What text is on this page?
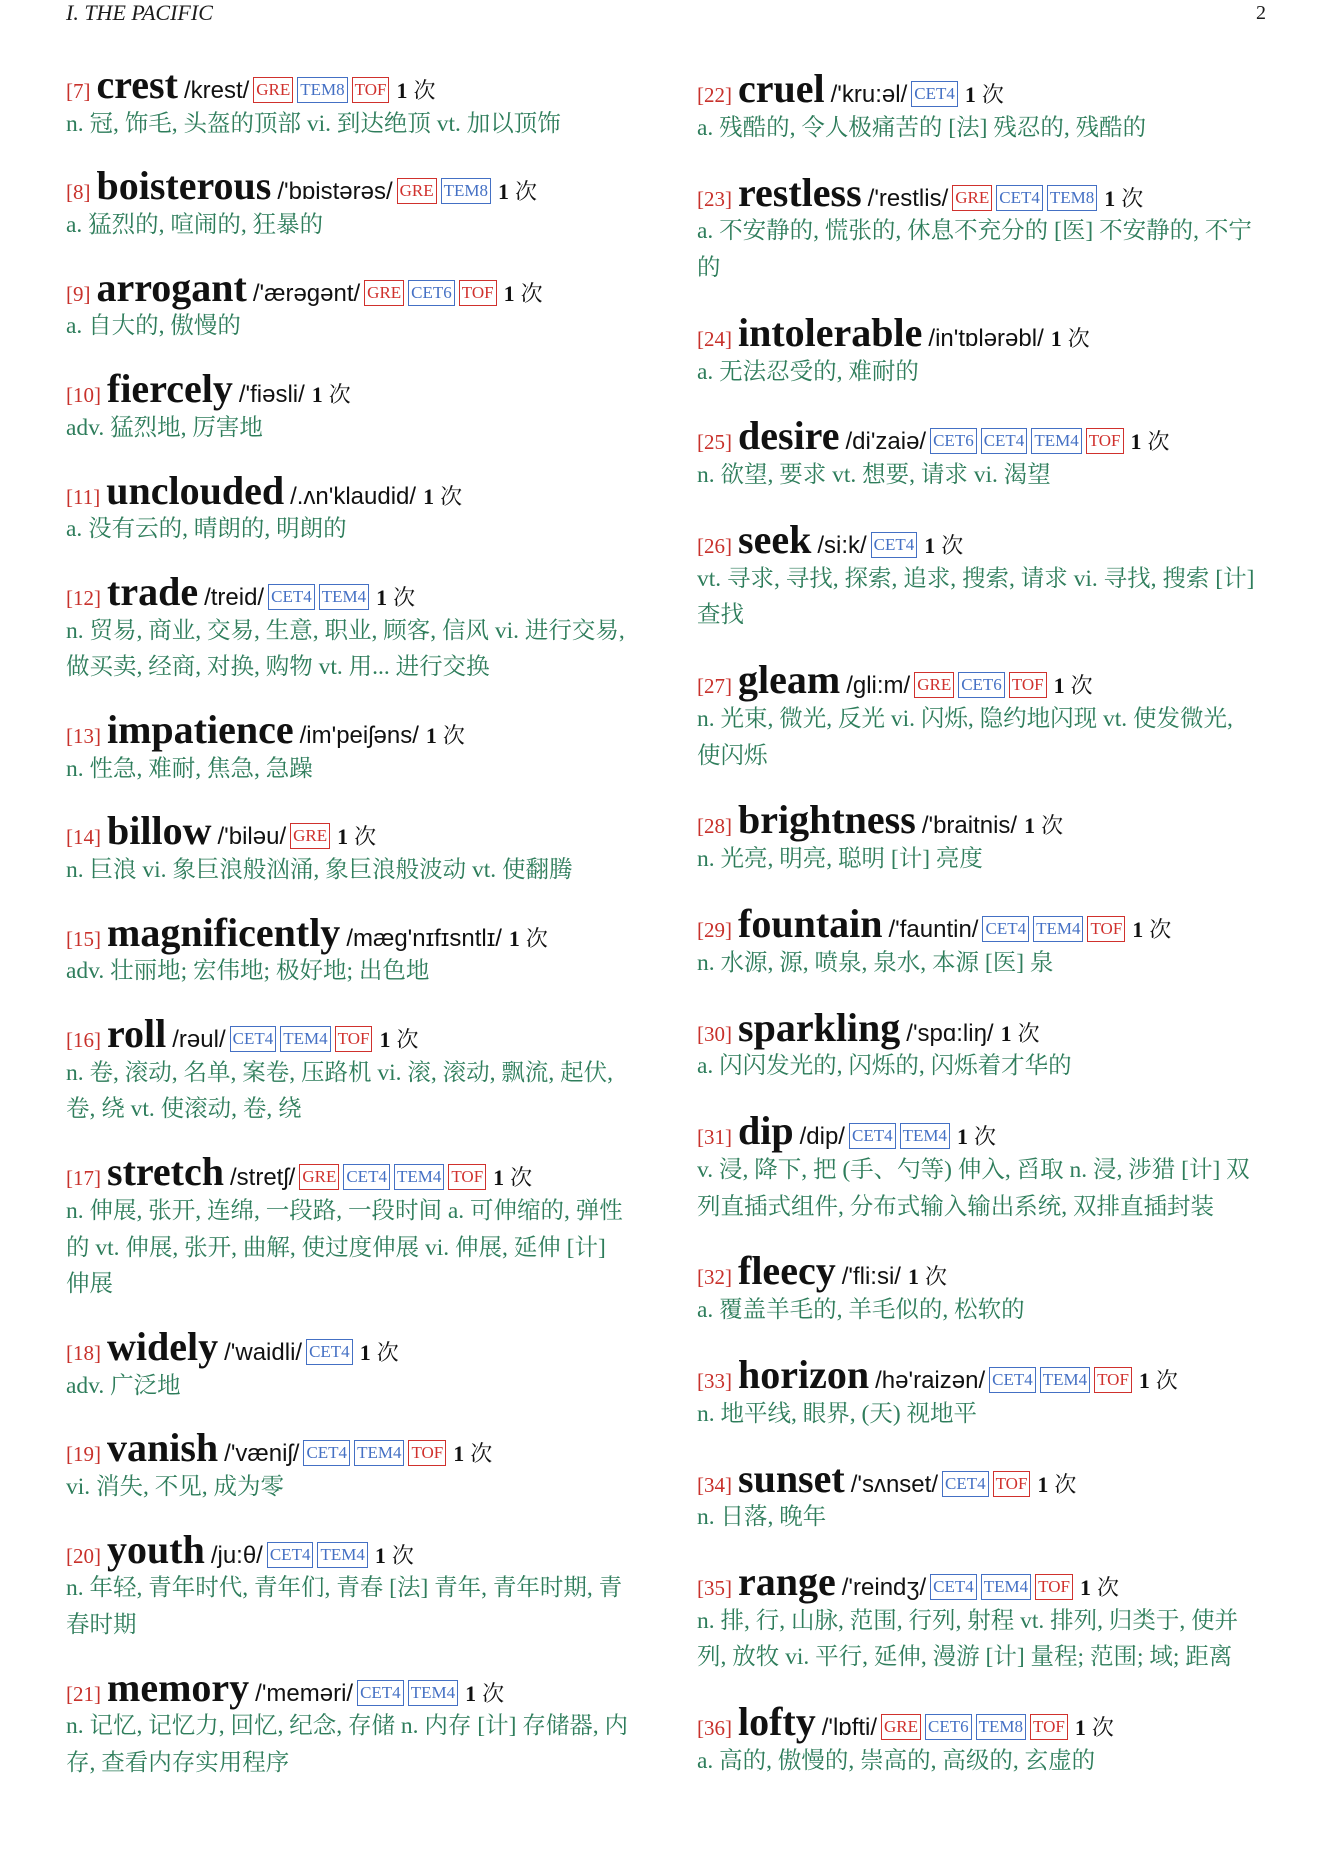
I. THE PACIFIC	2
[7] crest /krest/ GRE TEM8 TOF 1 次
n. 冠, 饰毛, 头盔的顶部 vi. 到达绝顶 vt. 加以顶饰
[8] boisterous /'bɒistərəs/ GRE TEM8 1 次
a. 猛烈的, 喧闹的, 狂暴的
[9] arrogant /'ærəgənt/ GRE CET6 TOF 1 次
a. 自大的, 傲慢的
[10] fiercely /'fiəsli/ 1 次
adv. 猛烈地, 厉害地
[11] unclouded /.ʌn'klaudid/ 1 次
a. 没有云的, 晴朗的, 明朗的
[12] trade /treid/ CET4 TEM4 1 次
n. 贸易, 商业, 交易, 生意, 职业, 顾客, 信风 vi. 进行交易,
做买卖, 经商, 对换, 购物 vt. 用... 进行交换
[13] impatience /im'peiʃəns/ 1 次
n. 性急, 难耐, 焦急, 急躁
[14] billow /'biləu/ GRE 1 次
n. 巨浪 vi. 象巨浪般汹涌, 象巨浪般波动 vt. 使翻腾
[15] magnificently /mæg'nɪfɪsntlɪ/ 1 次
adv. 壮丽地; 宏伟地; 极好地; 出色地
[16] roll /rəul/ CET4 TEM4 TOF 1 次
n. 卷, 滚动, 名单, 案卷, 压路机 vi. 滚, 滚动, 飘流, 起伏,
卷, 绕 vt. 使滚动, 卷, 绕
[17] stretch /stretʃ/ GRE CET4 TEM4 TOF 1 次
n. 伸展, 张开, 连绵, 一段路, 一段时间 a. 可伸缩的, 弹性
的 vt. 伸展, 张开, 曲解, 使过度伸展 vi. 伸展, 延伸 [计]
伸展
[18] widely /'waidli/ CET4 1 次
adv. 广泛地
[19] vanish /'væniʃ/ CET4 TEM4 TOF 1 次
vi. 消失, 不见, 成为零
[20] youth /ju:θ/ CET4 TEM4 1 次
n. 年轻, 青年时代, 青年们, 青春 [法] 青年, 青年时期, 青
春时期
[21] memory /'meməri/ CET4 TEM4 1 次
n. 记忆, 记忆力, 回忆, 纪念, 存储 n. 内存 [计] 存储器, 内
存, 查看内存实用程序
[22] cruel /'kru:əl/ CET4 1 次
a. 残酷的, 令人极痛苦的 [法] 残忍的, 残酷的
[23] restless /'restlis/ GRE CET4 TEM8 1 次
a. 不安静的, 慌张的, 休息不充分的 [医] 不安静的, 不宁
的
[24] intolerable /in'tɒlərəbl/ 1 次
a. 无法忍受的, 难耐的
[25] desire /di'zaiə/ CET6 CET4 TEM4 TOF 1 次
n. 欲望, 要求 vt. 想要, 请求 vi. 渴望
[26] seek /si:k/ CET4 1 次
vt. 寻求, 寻找, 探索, 追求, 搜索, 请求 vi. 寻找, 搜索 [计]
查找
[27] gleam /gli:m/ GRE CET6 TOF 1 次
n. 光束, 微光, 反光 vi. 闪烁, 隐约地闪现 vt. 使发微光,
使闪烁
[28] brightness /'braitnis/ 1 次
n. 光亮, 明亮, 聪明 [计] 亮度
[29] fountain /'fauntin/ CET4 TEM4 TOF 1 次
n. 水源, 源, 喷泉, 泉水, 本源 [医] 泉
[30] sparkling /'spɑ:liŋ/ 1 次
a. 闪闪发光的, 闪烁的, 闪烁着才华的
[31] dip /dip/ CET4 TEM4 1 次
v. 浸, 降下, 把 (手、勺等) 伸入, 舀取 n. 浸, 涉猎 [计] 双
列直插式组件, 分布式输入输出系统, 双排直插封装
[32] fleecy /'fli:si/ 1 次
a. 覆盖羊毛的, 羊毛似的, 松软的
[33] horizon /hə'raizən/ CET4 TEM4 TOF 1 次
n. 地平线, 眼界, (天) 视地平
[34] sunset /'sʌnset/ CET4 TOF 1 次
n. 日落, 晚年
[35] range /'reindʒ/ CET4 TEM4 TOF 1 次
n. 排, 行, 山脉, 范围, 行列, 射程 vt. 排列, 归类于, 使并
列, 放牧 vi. 平行, 延伸, 漫游 [计] 量程; 范围; 域; 距离
[36] lofty /'lɒfti/ GRE CET6 TEM8 TOF 1 次
a. 高的, 傲慢的, 崇高的, 高级的, 玄虚的
